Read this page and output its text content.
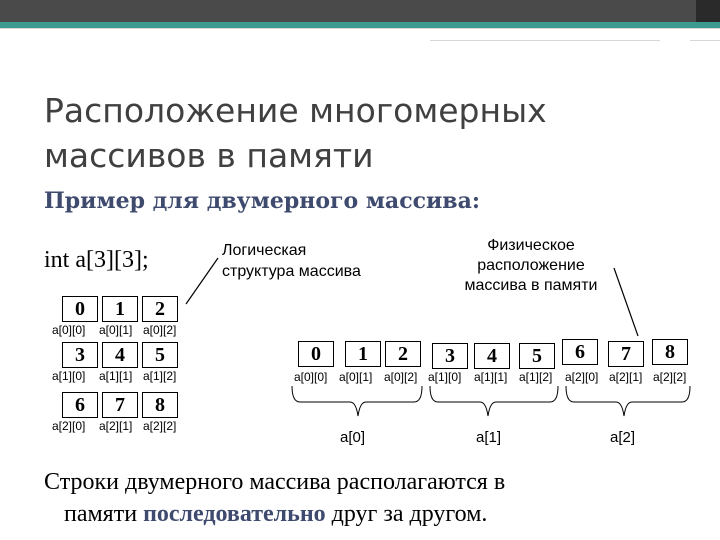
Расположение многомерных
массивов в памяти
Пример для двумерного массива:
int a[3][3];	Логическая
структура массива
Физическое
расположение
массива в памяти
0	1	2
a[0][0] a[0][1] a[0][2]
3	4	5
a[1][0] a[1][1] a[1][2]
6	7	8
a[2][0] a[2][1] a[2][2]
0	1	2	3	4	5	6	7	8
a[0][0] a[0][1] a[0][2] a[1][0] a[1][1] a[1][2] a[2][0] a[2][1] a[2][2]
a[0]	a[1]	a[2]
Строки двумерного массива располагаются в
памяти последовательно друг за другом.
